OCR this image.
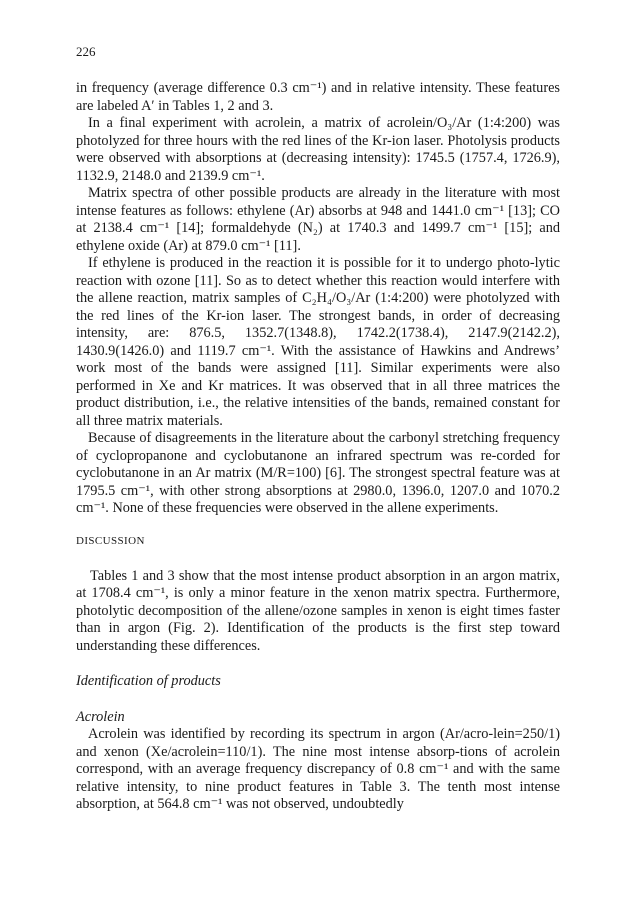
226

in frequency (average difference 0.3 cm⁻¹) and in relative intensity. These features are labeled A′ in Tables 1, 2 and 3.

In a final experiment with acrolein, a matrix of acrolein/O₃/Ar (1:4:200) was photolyzed for three hours with the red lines of the Kr-ion laser. Photolysis products were observed with absorptions at (decreasing intensity): 1745.5 (1757.4, 1726.9), 1132.9, 2148.0 and 2139.9 cm⁻¹.

Matrix spectra of other possible products are already in the literature with most intense features as follows: ethylene (Ar) absorbs at 948 and 1441.0 cm⁻¹ [13]; CO at 2138.4 cm⁻¹ [14]; formaldehyde (N₂) at 1740.3 and 1499.7 cm⁻¹ [15]; and ethylene oxide (Ar) at 879.0 cm⁻¹ [11].

If ethylene is produced in the reaction it is possible for it to undergo photo-lytic reaction with ozone [11]. So as to detect whether this reaction would interfere with the allene reaction, matrix samples of C₂H₄/O₃/Ar (1:4:200) were photolyzed with the red lines of the Kr-ion laser. The strongest bands, in order of decreasing intensity, are: 876.5, 1352.7(1348.8), 1742.2(1738.4), 2147.9(2142.2), 1430.9(1426.0) and 1119.7 cm⁻¹. With the assistance of Hawkins and Andrews’ work most of the bands were assigned [11]. Similar experiments were also performed in Xe and Kr matrices. It was observed that in all three matrices the product distribution, i.e., the relative intensities of the bands, remained constant for all three matrix materials.

Because of disagreements in the literature about the carbonyl stretching frequency of cyclopropanone and cyclobutanone an infrared spectrum was re-corded for cyclobutanone in an Ar matrix (M/R=100) [6]. The strongest spectral feature was at 1795.5 cm⁻¹, with other strong absorptions at 2980.0, 1396.0, 1207.0 and 1070.2 cm⁻¹. None of these frequencies were observed in the allene experiments.

DISCUSSION

Tables 1 and 3 show that the most intense product absorption in an argon matrix, at 1708.4 cm⁻¹, is only a minor feature in the xenon matrix spectra. Furthermore, photolytic decomposition of the allene/ozone samples in xenon is eight times faster than in argon (Fig. 2). Identification of the products is the first step toward understanding these differences.

Identification of products
Acrolein

Acrolein was identified by recording its spectrum in argon (Ar/acro-lein=250/1) and xenon (Xe/acrolein=110/1). The nine most intense absorp-tions of acrolein correspond, with an average frequency discrepancy of 0.8 cm⁻¹ and with the same relative intensity, to nine product features in Table 3. The tenth most intense absorption, at 564.8 cm⁻¹ was not observed, undoubtedly
